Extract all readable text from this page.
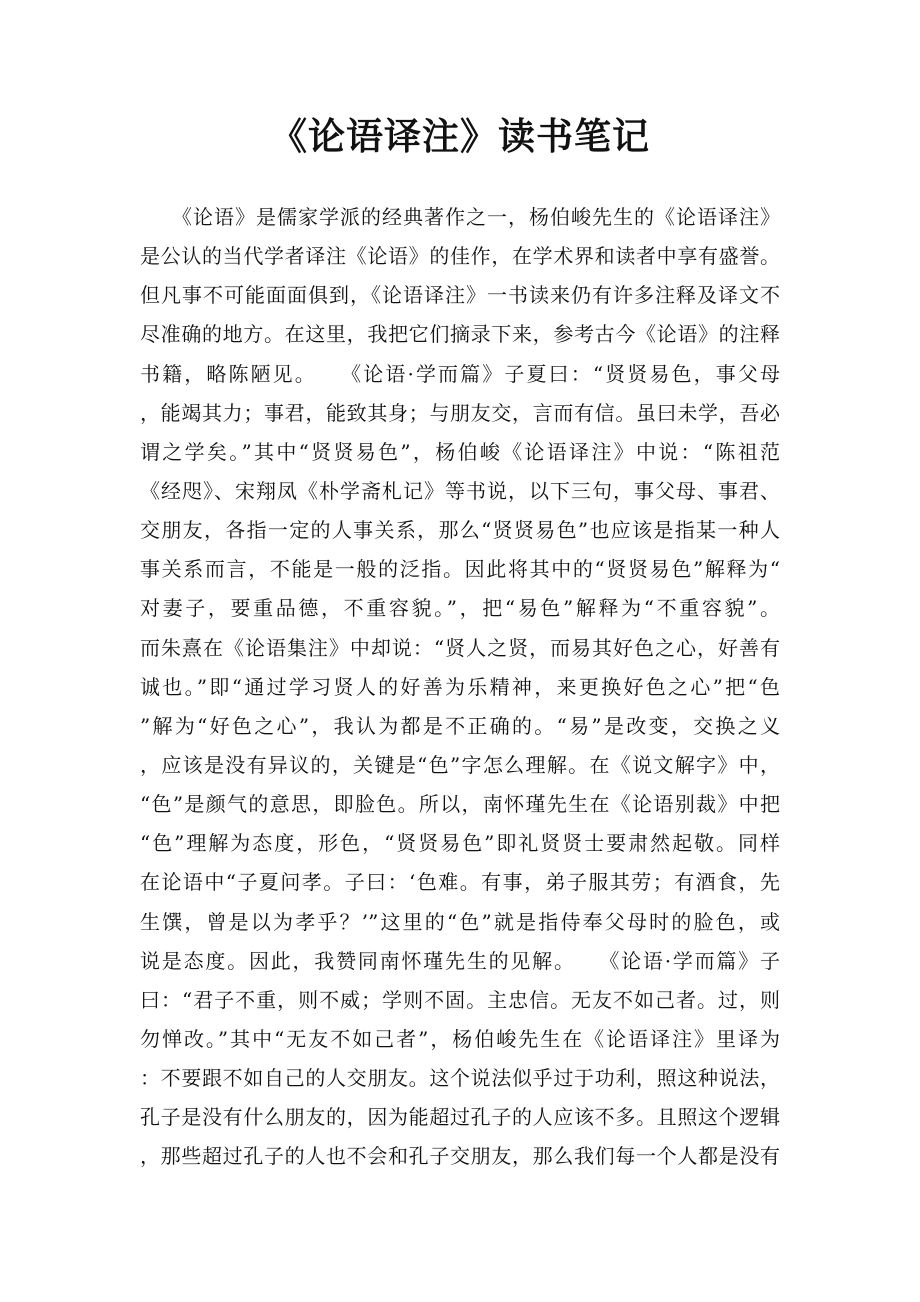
《论语译注》读书笔记
　　《论语》是儒家学派的经典著作之一，杨伯峻先生的《论语译注》
是公认的当代学者译注《论语》的佳作，在学术界和读者中享有盛誉。
但凡事不可能面面俱到，《论语译注》一书读来仍有许多注释及译文不
尽准确的地方。在这里，我把它们摘录下来，参考古今《论语》的注释
书籍，略陈陋见。　　《论语·学而篇》子夏曰：“贤贤易色，事父母
，能竭其力；事君，能致其身；与朋友交，言而有信。虽曰未学，吾必
谓之学矣。”其中“贤贤易色”，杨伯峻《论语译注》中说：“陈祖范
《经咫》、宋翔凤《朴学斋札记》等书说，以下三句，事父母、事君、
交朋友，各指一定的人事关系，那么“贤贤易色”也应该是指某一种人
事关系而言，不能是一般的泛指。因此将其中的“贤贤易色”解释为“
对妻子，要重品德，不重容貌。”，把“易色”解释为“不重容貌”。
而朱熹在《论语集注》中却说：“贤人之贤，而易其好色之心，好善有
诚也。”即“通过学习贤人的好善为乐精神，来更换好色之心”把“色
”解为“好色之心”，我认为都是不正确的。“易”是改变，交换之义
，应该是没有异议的，关键是“色”字怎么理解。在《说文解字》中，
“色”是颜气的意思，即脸色。所以，南怀瑾先生在《论语别裁》中把
“色”理解为态度，形色，“贤贤易色”即礼贤贤士要肃然起敬。同样
在论语中“子夏问孝。子曰：‘色难。有事，弟子服其劳；有酒食，先
生馔，曾是以为孝乎？’”这里的“色”就是指侍奉父母时的脸色，或
说是态度。因此，我赞同南怀瑾先生的见解。　　《论语·学而篇》子
曰：“君子不重，则不威；学则不固。主忠信。无友不如己者。过，则
勿惮改。”其中“无友不如己者”，杨伯峻先生在《论语译注》里译为
：不要跟不如自己的人交朋友。这个说法似乎过于功利，照这种说法，
孔子是没有什么朋友的，因为能超过孔子的人应该不多。且照这个逻辑
，那些超过孔子的人也不会和孔子交朋友，那么我们每一个人都是没有
